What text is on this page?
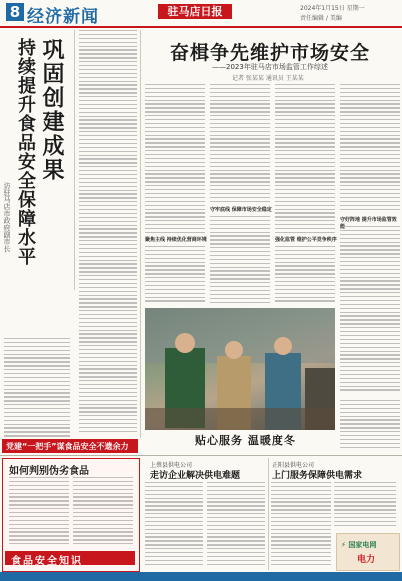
8 经济新闻	驻马店日报	2024年1月15日 星期一
责任编辑 / 美编
巩固创建成果
持续提升食品安全保障水平
访驻马店市政府副市长
党建“一把手”谋食品安全不遗余力
奋楫争先维护市场安全
——2023年驻马店市场监管工作综述
记者 张某某 通讯员 王某某
聚焦主线 持续优化营商环境
守牢底线 保障市场安全稳定
强化监管 维护公平竞争秩序
守好阵地 提升市场监管效
贴心服务 温暖度冬
如何判别伪劣食品
食品安全知识
上蔡县供电公司
走访企业解决供电难题
正阳县供电公司
上门服务保障供电需求
⚡ 国家电网
电力
